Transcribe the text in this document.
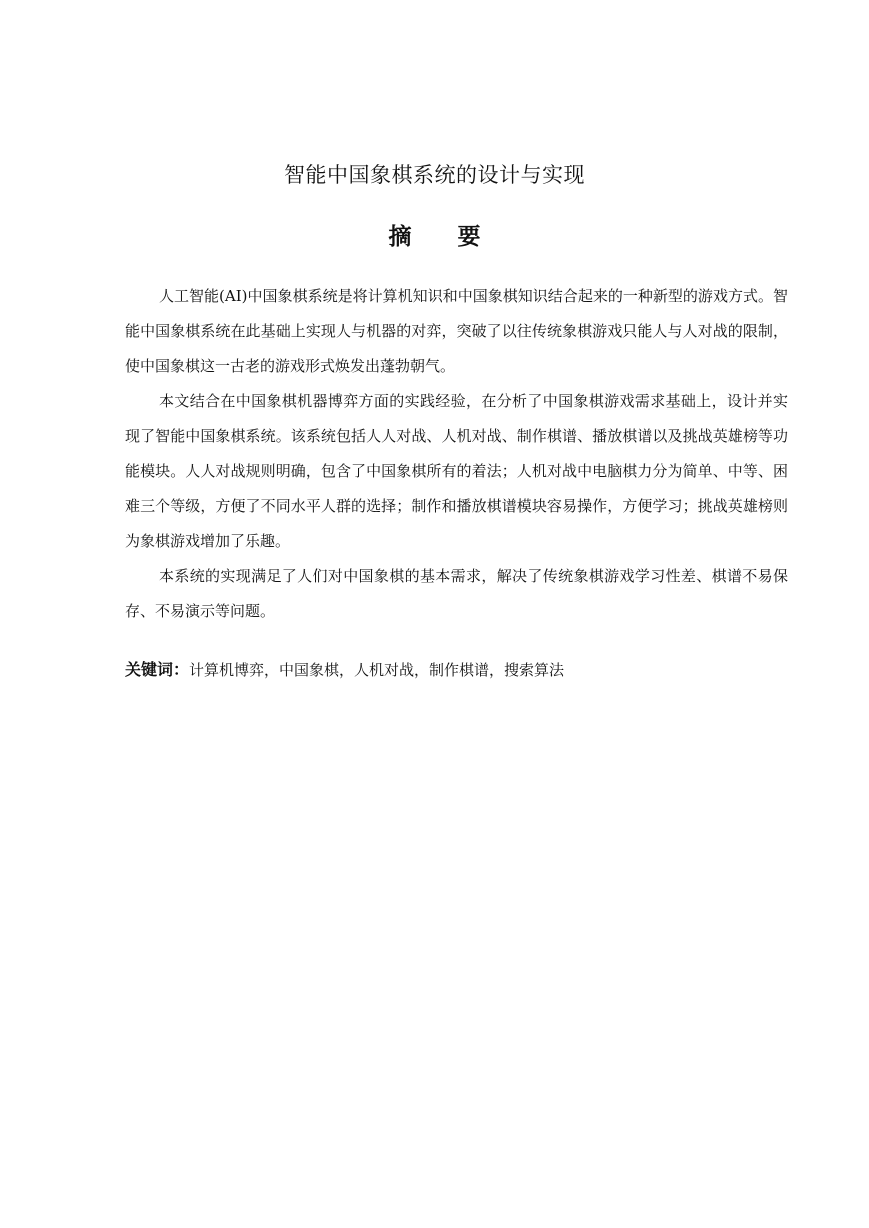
智能中国象棋系统的设计与实现
摘要

人工智能(AI)中国象棋系统是将计算机知识和中国象棋知识结合起来的一种新型的游戏方式。智能中国象棋系统在此基础上实现人与机器的对弈，突破了以往传统象棋游戏只能人与人对战的限制，使中国象棋这一古老的游戏形式焕发出蓬勃朝气。

本文结合在中国象棋机器博弈方面的实践经验，在分析了中国象棋游戏需求基础上，设计并实现了智能中国象棋系统。该系统包括人人对战、人机对战、制作棋谱、播放棋谱以及挑战英雄榜等功能模块。人人对战规则明确，包含了中国象棋所有的着法；人机对战中电脑棋力分为简单、中等、困难三个等级，方便了不同水平人群的选择；制作和播放棋谱模块容易操作，方便学习；挑战英雄榜则为象棋游戏增加了乐趣。

本系统的实现满足了人们对中国象棋的基本需求，解决了传统象棋游戏学习性差、棋谱不易保存、不易演示等问题。

关键词：计算机博弈，中国象棋，人机对战，制作棋谱，搜索算法
